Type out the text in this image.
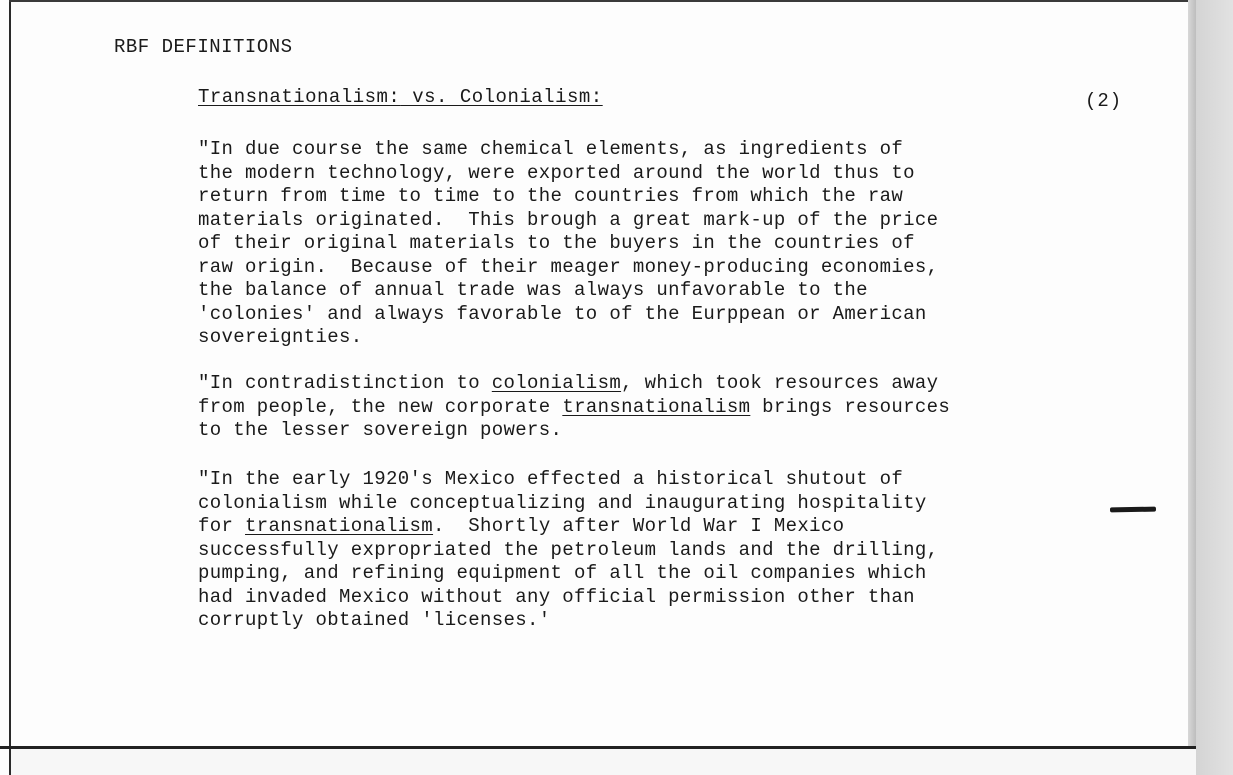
RBF DEFINITIONS
Transnationalism: vs. Colonialism:	(2)
"In due course the same chemical elements, as ingredients of
the modern technology, were exported around the world thus to
return from time to time to the countries from which the raw
materials originated.  This brough a great mark-up of the price
of their original materials to the buyers in the countries of
raw origin.  Because of their meager money-producing economies,
the balance of annual trade was always unfavorable to the
'colonies' and always favorable to of the Eurppean or American
sovereignties.
"In contradistinction to colonialism, which took resources away
from people, the new corporate transnationalism brings resources
to the lesser sovereign powers.
"In the early 1920's Mexico effected a historical shutout of
colonialism while conceptualizing and inaugurating hospitality
for transnationalism.  Shortly after World War I Mexico
successfully expropriated the petroleum lands and the drilling,
pumping, and refining equipment of all the oil companies which
had invaded Mexico without any official permission other than
corruptly obtained 'licenses.'
